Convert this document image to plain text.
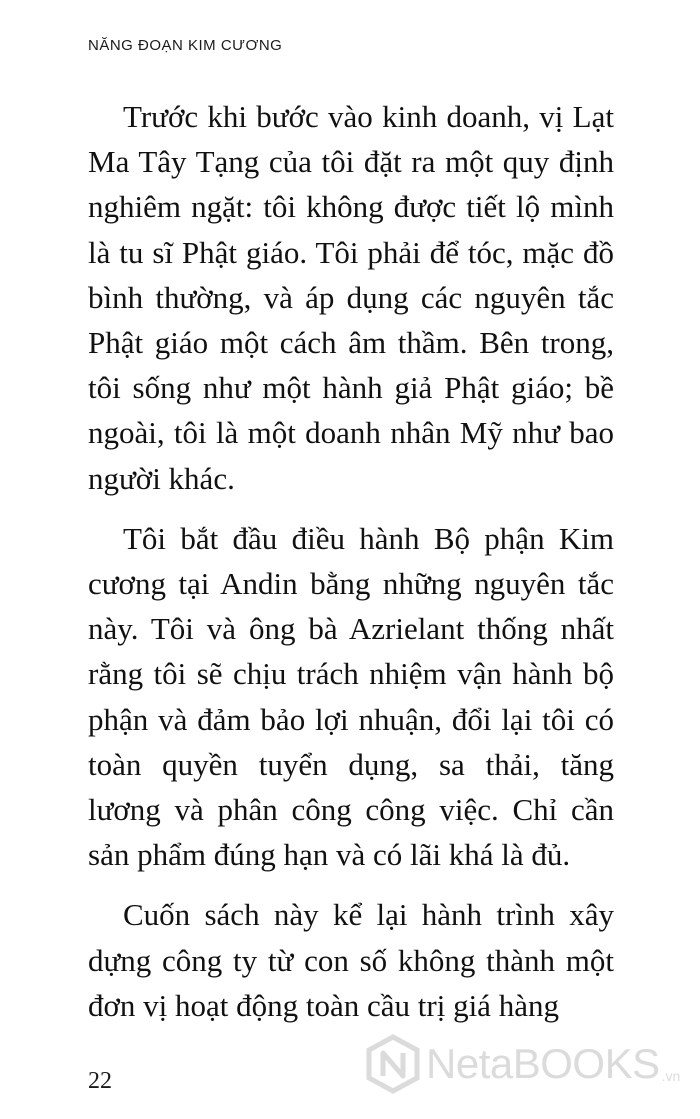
NĂNG ĐOẠN KIM CƯƠNG

Trước khi bước vào kinh doanh, vị Lạt Ma Tây Tạng của tôi đặt ra một quy định nghiêm ngặt: tôi không được tiết lộ mình là tu sĩ Phật giáo. Tôi phải để tóc, mặc đồ bình thường, và áp dụng các nguyên tắc Phật giáo một cách âm thầm. Bên trong, tôi sống như một hành giả Phật giáo; bề ngoài, tôi là một doanh nhân Mỹ như bao người khác.

Tôi bắt đầu điều hành Bộ phận Kim cương tại Andin bằng những nguyên tắc này. Tôi và ông bà Azrielant thống nhất rằng tôi sẽ chịu trách nhiệm vận hành bộ phận và đảm bảo lợi nhuận, đổi lại tôi có toàn quyền tuyển dụng, sa thải, tăng lương và phân công công việc. Chỉ cần sản phẩm đúng hạn và có lãi khá là đủ.

Cuốn sách này kể lại hành trình xây dựng công ty từ con số không thành một đơn vị hoạt động toàn cầu trị giá hàng

22	NetaBOOKS .vn
